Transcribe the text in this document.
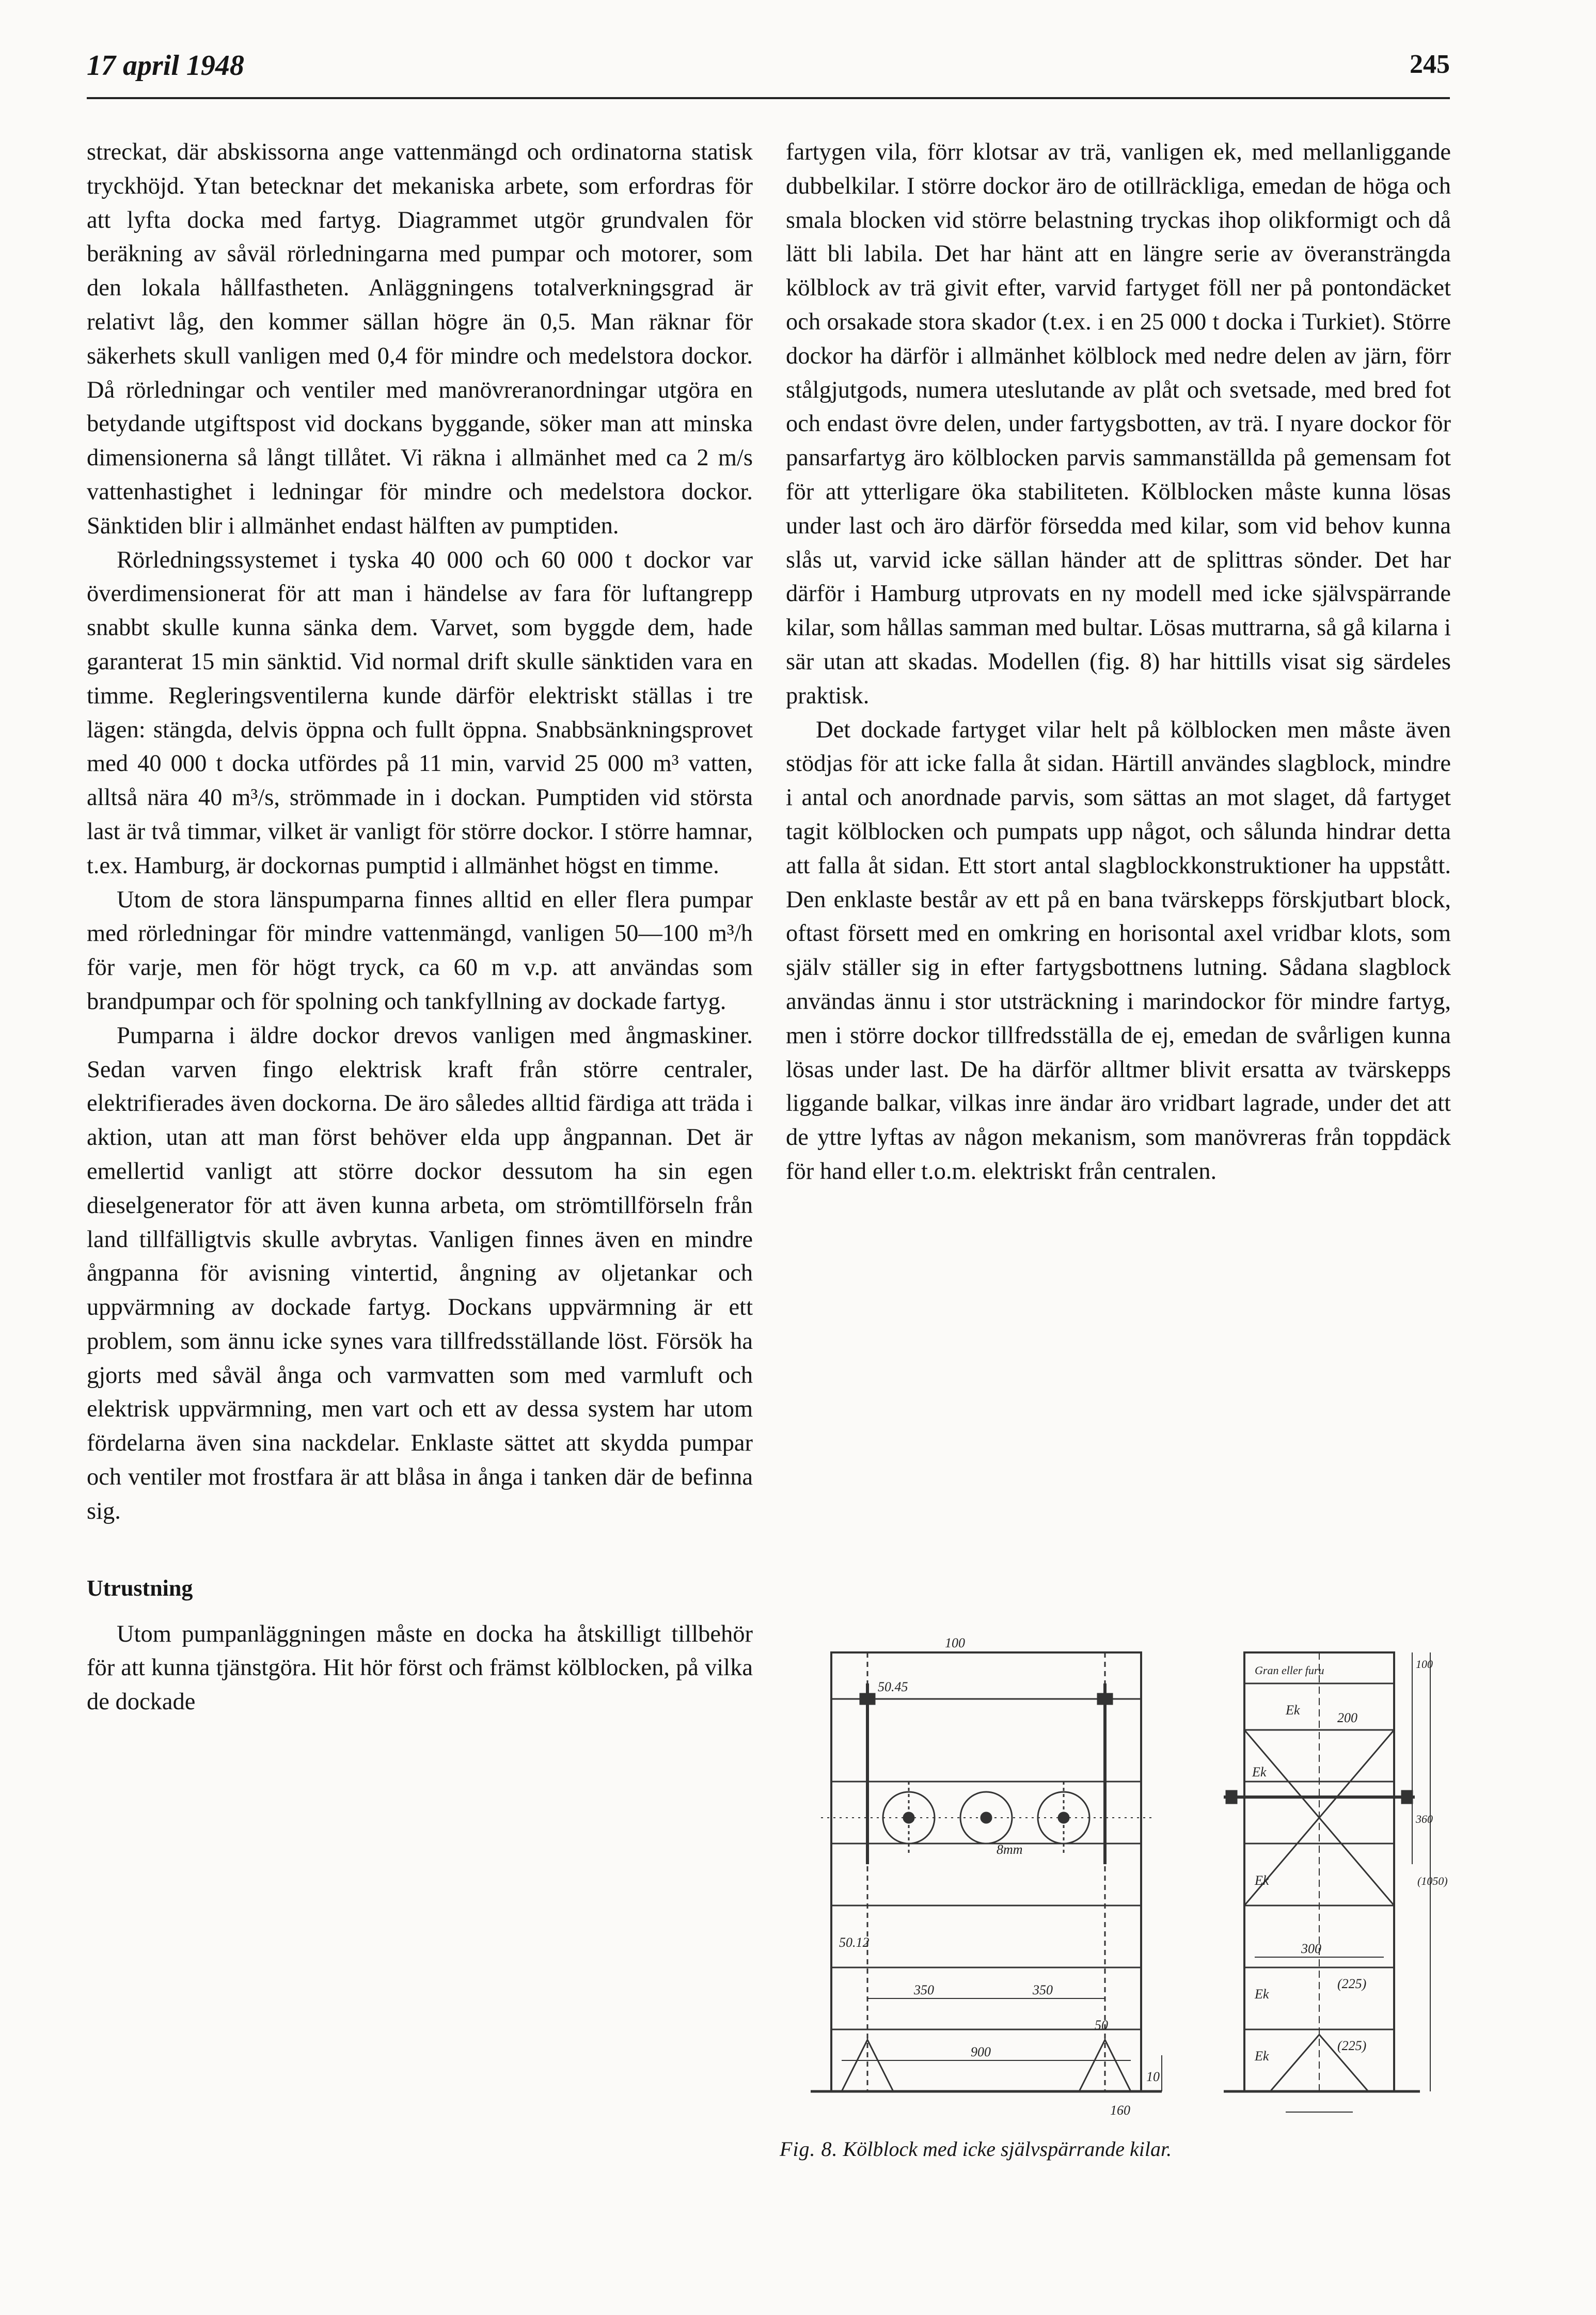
17 april 1948	245

streckat, där abskissorna ange vattenmängd och ordinatorna statisk tryckhöjd. Ytan betecknar det mekaniska arbete, som erfordras för att lyfta docka med fartyg. Diagrammet utgör grundvalen för beräkning av såväl rörledningarna med pumpar och motorer, som den lokala hållfastheten. Anläggningens totalverkningsgrad är relativt låg, den kommer sällan högre än 0,5. Man räknar för säkerhets skull vanligen med 0,4 för mindre och medelstora dockor. Då rörledningar och ventiler med manövreranordningar utgöra en betydande utgiftspost vid dockans byggande, söker man att minska dimensionerna så långt tillåtet. Vi räkna i allmänhet med ca 2 m/s vattenhastighet i ledningar för mindre och medelstora dockor. Sänktiden blir i allmänhet endast hälften av pumptiden.

Rörledningssystemet i tyska 40 000 och 60 000 t dockor var överdimensionerat för att man i händelse av fara för luftangrepp snabbt skulle kunna sänka dem. Varvet, som byggde dem, hade garanterat 15 min sänktid. Vid normal drift skulle sänktiden vara en timme. Regleringsventilerna kunde därför elektriskt ställas i tre lägen: stängda, delvis öppna och fullt öppna. Snabbsänkningsprovet med 40 000 t docka utfördes på 11 min, varvid 25 000 m³ vatten, alltså nära 40 m³/s, strömmade in i dockan. Pumptiden vid största last är två timmar, vilket är vanligt för större dockor. I större hamnar, t.ex. Hamburg, är dockornas pumptid i allmänhet högst en timme.

Utom de stora länspumparna finnes alltid en eller flera pumpar med rörledningar för mindre vattenmängd, vanligen 50—100 m³/h för varje, men för högt tryck, ca 60 m v.p. att användas som brandpumpar och för spolning och tankfyllning av dockade fartyg.

Pumparna i äldre dockor drevos vanligen med ångmaskiner. Sedan varven fingo elektrisk kraft från större centraler, elektrifierades även dockorna. De äro således alltid färdiga att träda i aktion, utan att man först behöver elda upp ångpannan. Det är emellertid vanligt att större dockor dessutom ha sin egen dieselgenerator för att även kunna arbeta, om strömtillförseln från land tillfälligtvis skulle avbrytas. Vanligen finnes även en mindre ångpanna för avisning vintertid, ångning av oljetankar och uppvärmning av dockade fartyg. Dockans uppvärmning är ett problem, som ännu icke synes vara tillfredsställande löst. Försök ha gjorts med såväl ånga och varmvatten som med varmluft och elektrisk uppvärmning, men vart och ett av dessa system har utom fördelarna även sina nackdelar. Enklaste sättet att skydda pumpar och ventiler mot frostfara är att blåsa in ånga i tanken där de befinna sig.

Utrustning

Utom pumpanläggningen måste en docka ha åtskilligt tillbehör för att kunna tjänstgöra. Hit hör först och främst kölblocken, på vilka de dockade

fartygen vila, förr klotsar av trä, vanligen ek, med mellanliggande dubbelkilar. I större dockor äro de otillräckliga, emedan de höga och smala blocken vid större belastning tryckas ihop olikformigt och då lätt bli labila. Det har hänt att en längre serie av överansträngda kölblock av trä givit efter, varvid fartyget föll ner på pontondäcket och orsakade stora skador (t.ex. i en 25 000 t docka i Turkiet). Större dockor ha därför i allmänhet kölblock med nedre delen av järn, förr stålgjutgods, numera uteslutande av plåt och svetsade, med bred fot och endast övre delen, under fartygsbotten, av trä. I nyare dockor för pansarfartyg äro kölblocken parvis sammanställda på gemensam fot för att ytterligare öka stabiliteten. Kölblocken måste kunna lösas under last och äro därför försedda med kilar, som vid behov kunna slås ut, varvid icke sällan händer att de splittras sönder. Det har därför i Hamburg utprovats en ny modell med icke självspärrande kilar, som hållas samman med bultar. Lösas muttrarna, så gå kilarna i sär utan att skadas. Modellen (fig. 8) har hittills visat sig särdeles praktisk.

Det dockade fartyget vilar helt på kölblocken men måste även stödjas för att icke falla åt sidan. Härtill användes slagblock, mindre i antal och anordnade parvis, som sättas an mot slaget, då fartyget tagit kölblocken och pumpats upp något, och sålunda hindrar detta att falla åt sidan. Ett stort antal slagblockkonstruktioner ha uppstått. Den enklaste består av ett på en bana tvärskepps förskjutbart block, oftast försett med en omkring en horisontal axel vridbar klots, som själv ställer sig in efter fartygsbottnens lutning. Sådana slagblock användas ännu i stor utsträckning i marindockor för mindre fartyg, men i större dockor tillfredsställa de ej, emedan de svårligen kunna lösas under last. De ha därför alltmer blivit ersatta av tvärskepps liggande balkar, vilkas inre ändar äro vridbart lagrade, under det att de yttre lyftas av någon mekanism, som manövreras från toppdäck för hand eller t.o.m. elektriskt från centralen.

100
50.45
8mm
50.12
350	350
900
50
10
160
Gran eller furu
Ek
Ek
Ek
Ek
Ek
200
300
(225)
(225)
(1050)
100
360
Fig. 8. Kölblock med icke självspärrande kilar.
